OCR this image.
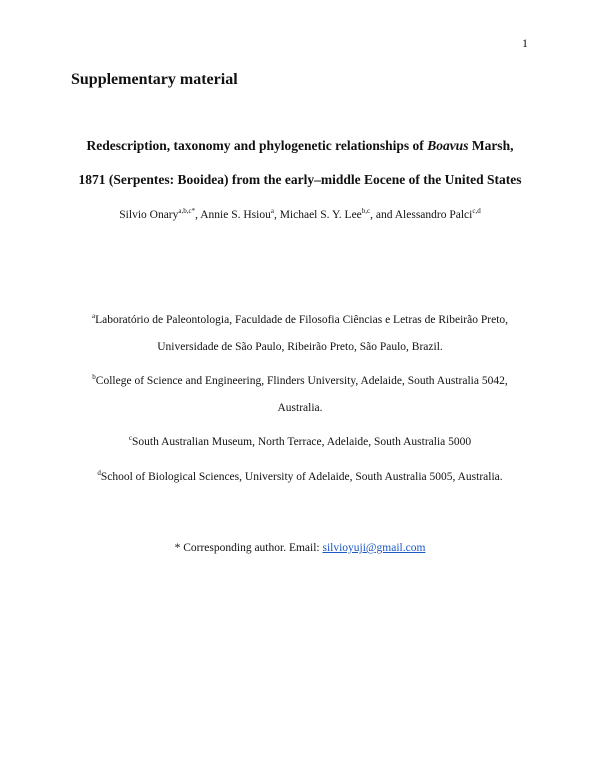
1
Supplementary material

Redescription, taxonomy and phylogenetic relationships of Boavus Marsh,

1871 (Serpentes: Booidea) from the early–middle Eocene of the United States

Silvio Onary$^{a,b,c*}$, Annie S. Hsiou$^a$, Michael S. Y. Lee$^{b,c}$, and Alessandro Palci$^{c,d}$
$^a$Laboratório de Paleontologia, Faculdade de Filosofia Ciências e Letras de Ribeirão Preto,
Universidade de São Paulo, Ribeirão Preto, São Paulo, Brazil.
$^b$College of Science and Engineering, Flinders University, Adelaide, South Australia 5042,
Australia.
$^c$South Australian Museum, North Terrace, Adelaide, South Australia 5000
$^d$School of Biological Sciences, University of Adelaide, South Australia 5005, Australia.
* Corresponding author. Email: silvioyuji@gmail.com
